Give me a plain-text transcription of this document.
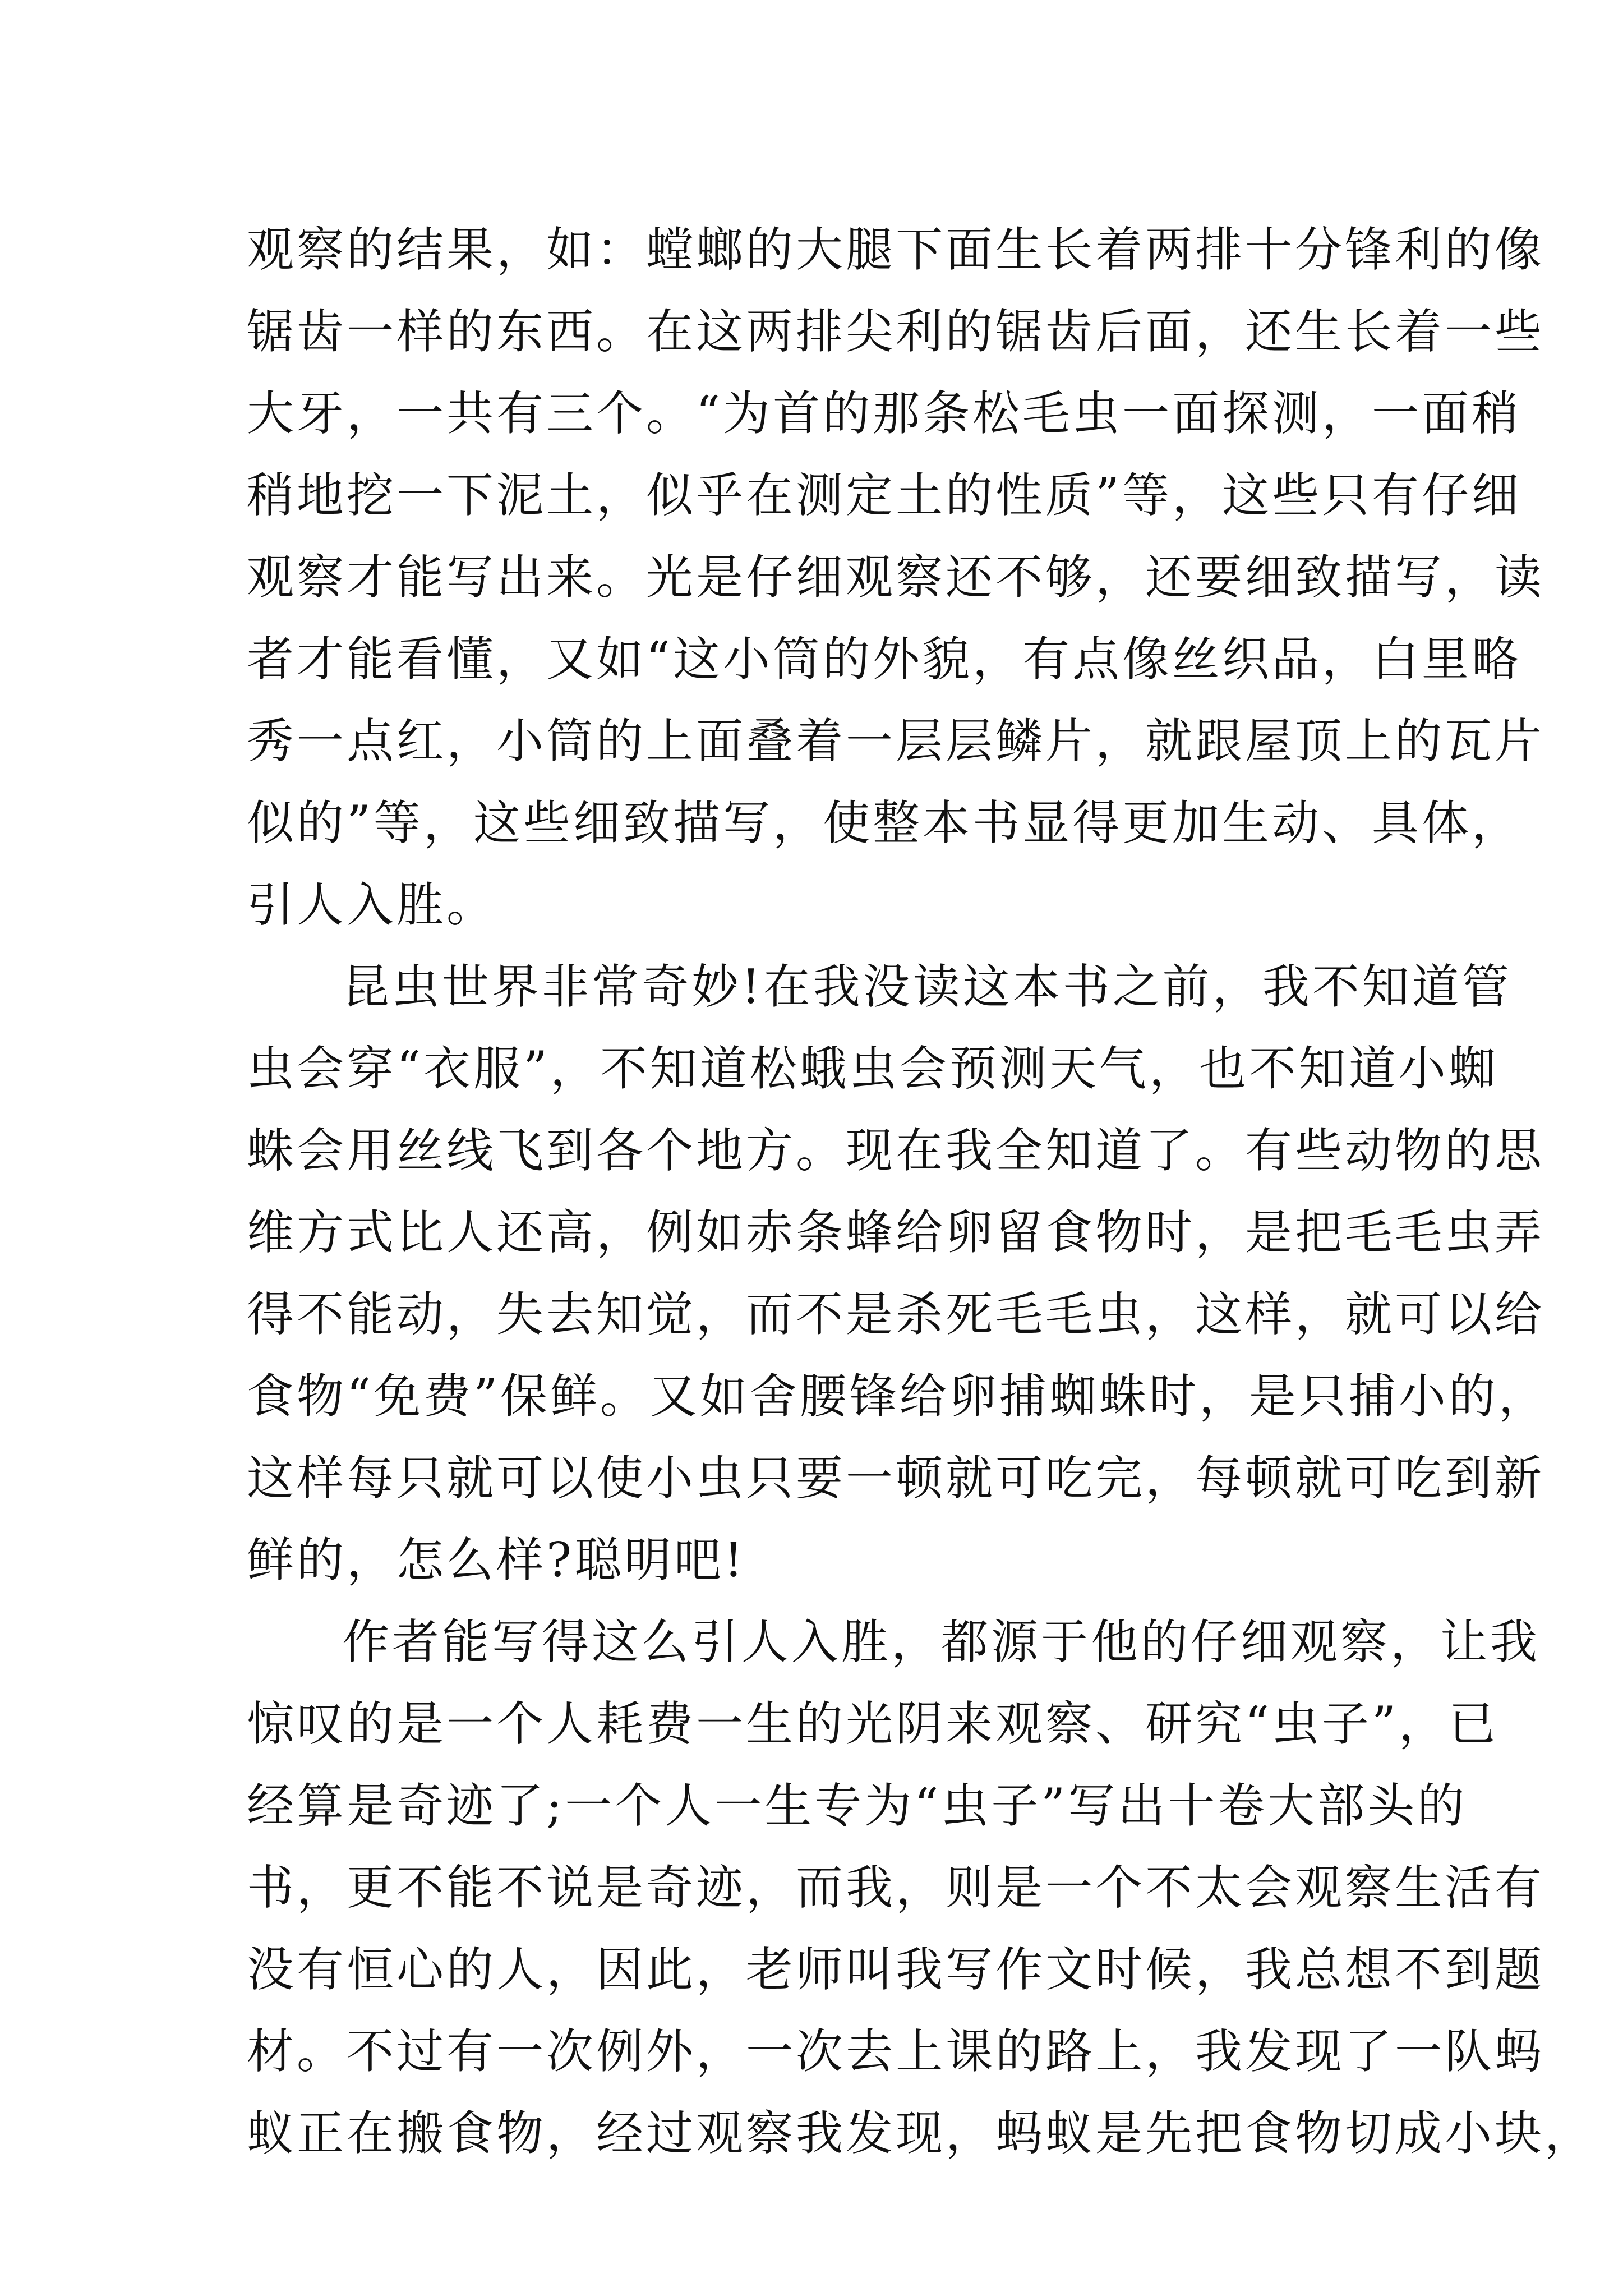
观察的结果，如：螳螂的大腿下面生长着两排十分锋利的像
锯齿一样的东西。在这两排尖利的锯齿后面，还生长着一些
大牙，一共有三个。“为首的那条松毛虫一面探测，一面稍
稍地挖一下泥土，似乎在测定土的性质”等，这些只有仔细
观察才能写出来。光是仔细观察还不够，还要细致描写，读
者才能看懂，又如“这小筒的外貌，有点像丝织品，白里略
秀一点红，小筒的上面叠着一层层鳞片，就跟屋顶上的瓦片
似的”等，这些细致描写，使整本书显得更加生动、具体，
引人入胜。
昆虫世界非常奇妙!在我没读这本书之前，我不知道管
虫会穿“衣服”，不知道松蛾虫会预测天气，也不知道小蜘
蛛会用丝线飞到各个地方。现在我全知道了。有些动物的思
维方式比人还高，例如赤条蜂给卵留食物时，是把毛毛虫弄
得不能动，失去知觉，而不是杀死毛毛虫，这样，就可以给
食物“免费”保鲜。又如舍腰锋给卵捕蜘蛛时，是只捕小的，
这样每只就可以使小虫只要一顿就可吃完，每顿就可吃到新
鲜的，怎么样?聪明吧!
作者能写得这么引人入胜，都源于他的仔细观察，让我
惊叹的是一个人耗费一生的光阴来观察、研究“虫子”，已
经算是奇迹了;一个人一生专为“虫子”写出十卷大部头的
书，更不能不说是奇迹，而我，则是一个不太会观察生活有
没有恒心的人，因此，老师叫我写作文时候，我总想不到题
材。不过有一次例外，一次去上课的路上，我发现了一队蚂
蚁正在搬食物，经过观察我发现，蚂蚁是先把食物切成小块，
